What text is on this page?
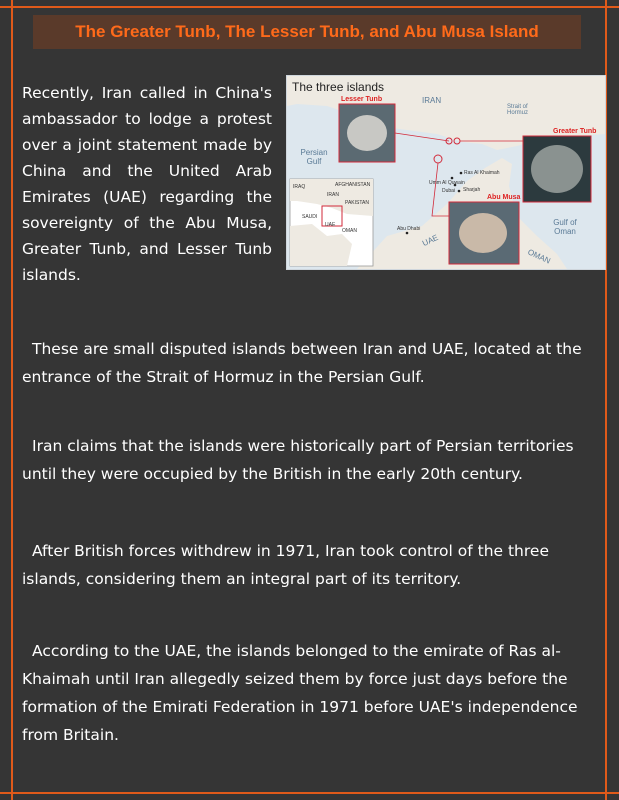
The Greater Tunb, The Lesser Tunb, and Abu Musa Island
Recently, Iran called in China's ambassador to lodge a protest over a joint statement made by China and the United Arab Emirates (UAE) regarding the sovereignty of the Abu Musa, Greater Tunb, and Lesser Tunb islands.
The three islands
IRAN
Persian Gulf
Strait of Hormuz
Gulf of Oman
UAE
OMAN
Lesser Tunb
Greater Tunb
Abu Musa
Ras Al Khaimah
Umm Al Quwain
Dubai Sharjah
Abu Dhabi
IRAQ	AFGHANISTAN
IRAN
PAKISTAN
SAUDI
OMAN
UAE
These are small disputed islands between Iran and UAE, located at the entrance of the Strait of Hormuz in the Persian Gulf.
Iran claims that the islands were historically part of Persian territories until they were occupied by the British in the early 20th century.
After British forces withdrew in 1971, Iran took control of the three islands, considering them an integral part of its territory.
According to the UAE, the islands belonged to the emirate of Ras al-Khaimah until Iran allegedly seized them by force just days before the formation of the Emirati Federation in 1971 before UAE's independence from Britain.
